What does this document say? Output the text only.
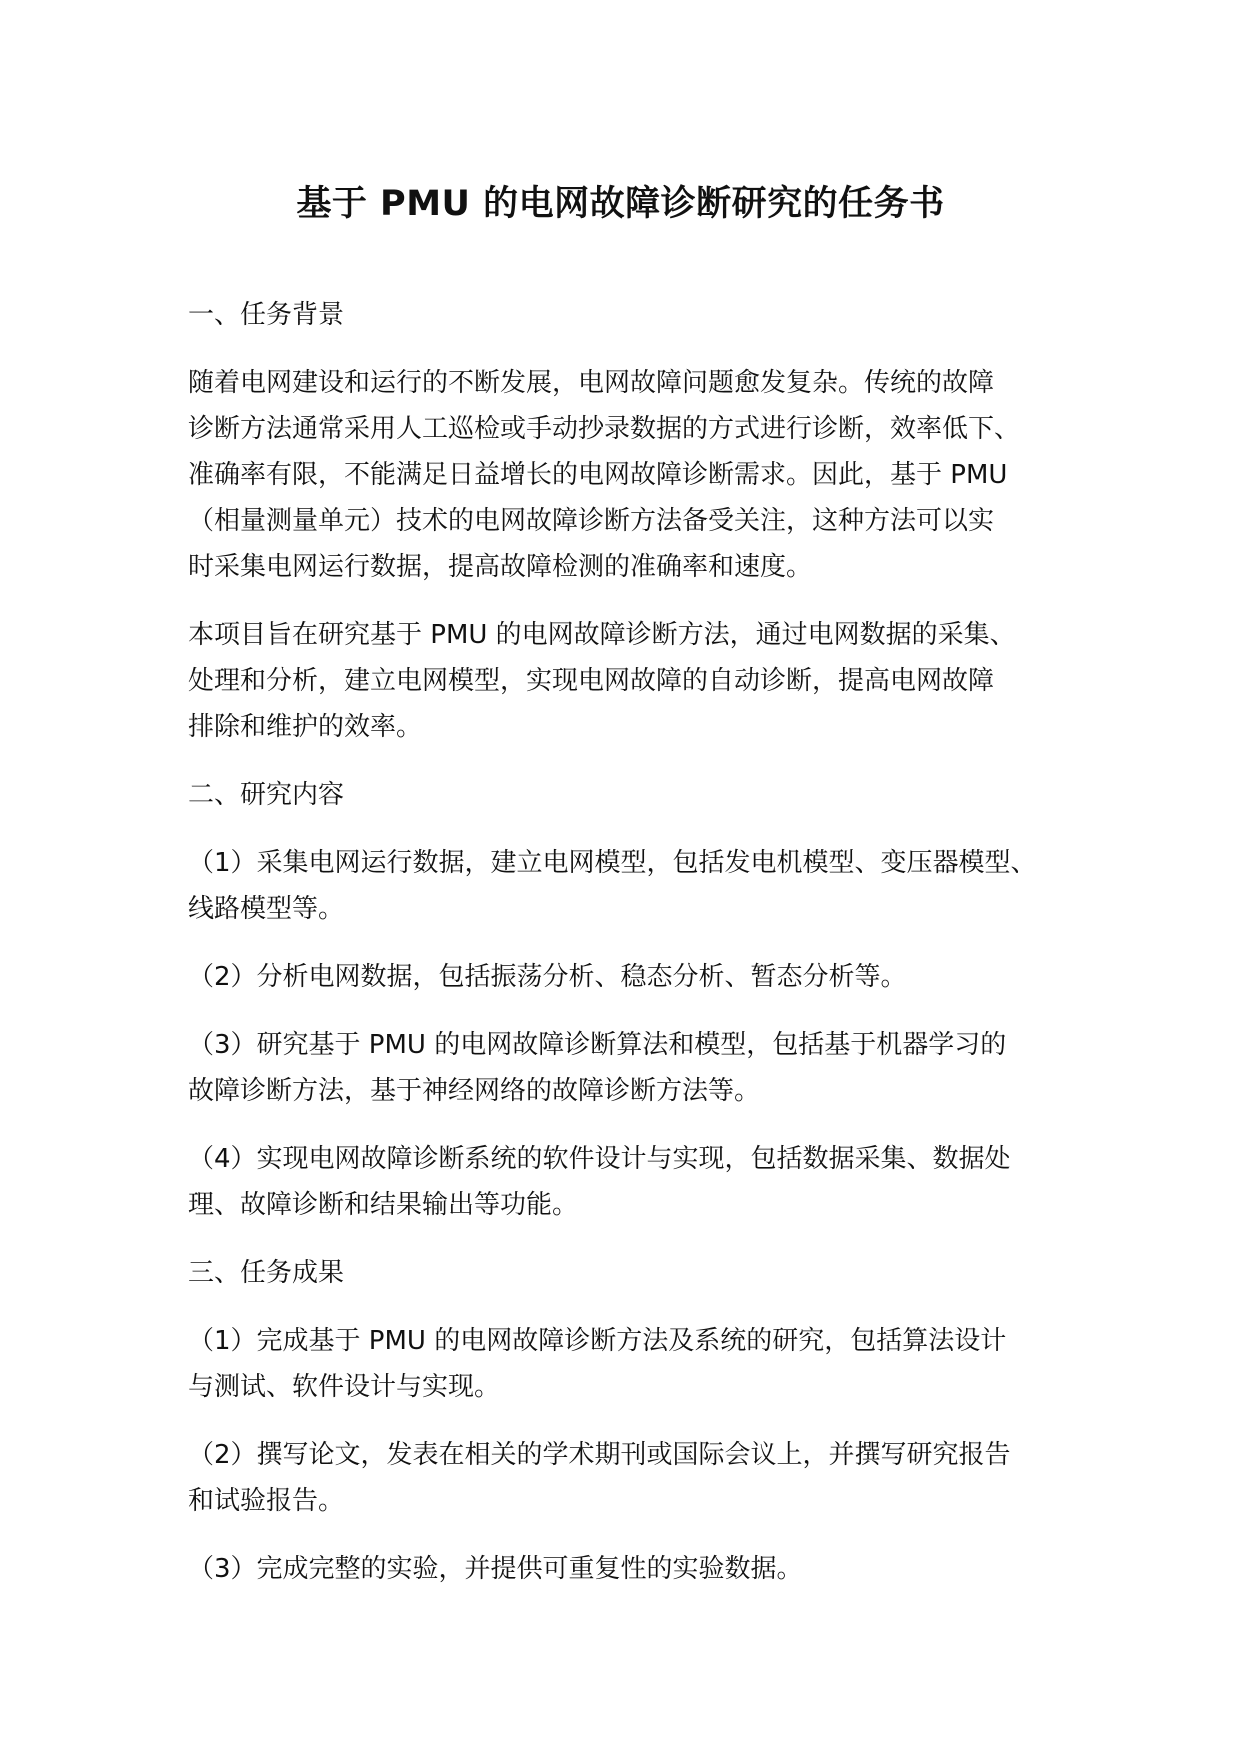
基于 PMU 的电网故障诊断研究的任务书
一、任务背景
随着电网建设和运行的不断发展，电网故障问题愈发复杂。传统的故障
诊断方法通常采用人工巡检或手动抄录数据的方式进行诊断，效率低下、
准确率有限，不能满足日益增长的电网故障诊断需求。因此，基于 PMU
（相量测量单元）技术的电网故障诊断方法备受关注，这种方法可以实
时采集电网运行数据，提高故障检测的准确率和速度。
本项目旨在研究基于 PMU 的电网故障诊断方法，通过电网数据的采集、
处理和分析，建立电网模型，实现电网故障的自动诊断，提高电网故障
排除和维护的效率。
二、研究内容
（1）采集电网运行数据，建立电网模型，包括发电机模型、变压器模型、
线路模型等。
（2）分析电网数据，包括振荡分析、稳态分析、暂态分析等。
（3）研究基于 PMU 的电网故障诊断算法和模型，包括基于机器学习的
故障诊断方法，基于神经网络的故障诊断方法等。
（4）实现电网故障诊断系统的软件设计与实现，包括数据采集、数据处
理、故障诊断和结果输出等功能。
三、任务成果
（1）完成基于 PMU 的电网故障诊断方法及系统的研究，包括算法设计
与测试、软件设计与实现。
（2）撰写论文，发表在相关的学术期刊或国际会议上，并撰写研究报告
和试验报告。
（3）完成完整的实验，并提供可重复性的实验数据。
